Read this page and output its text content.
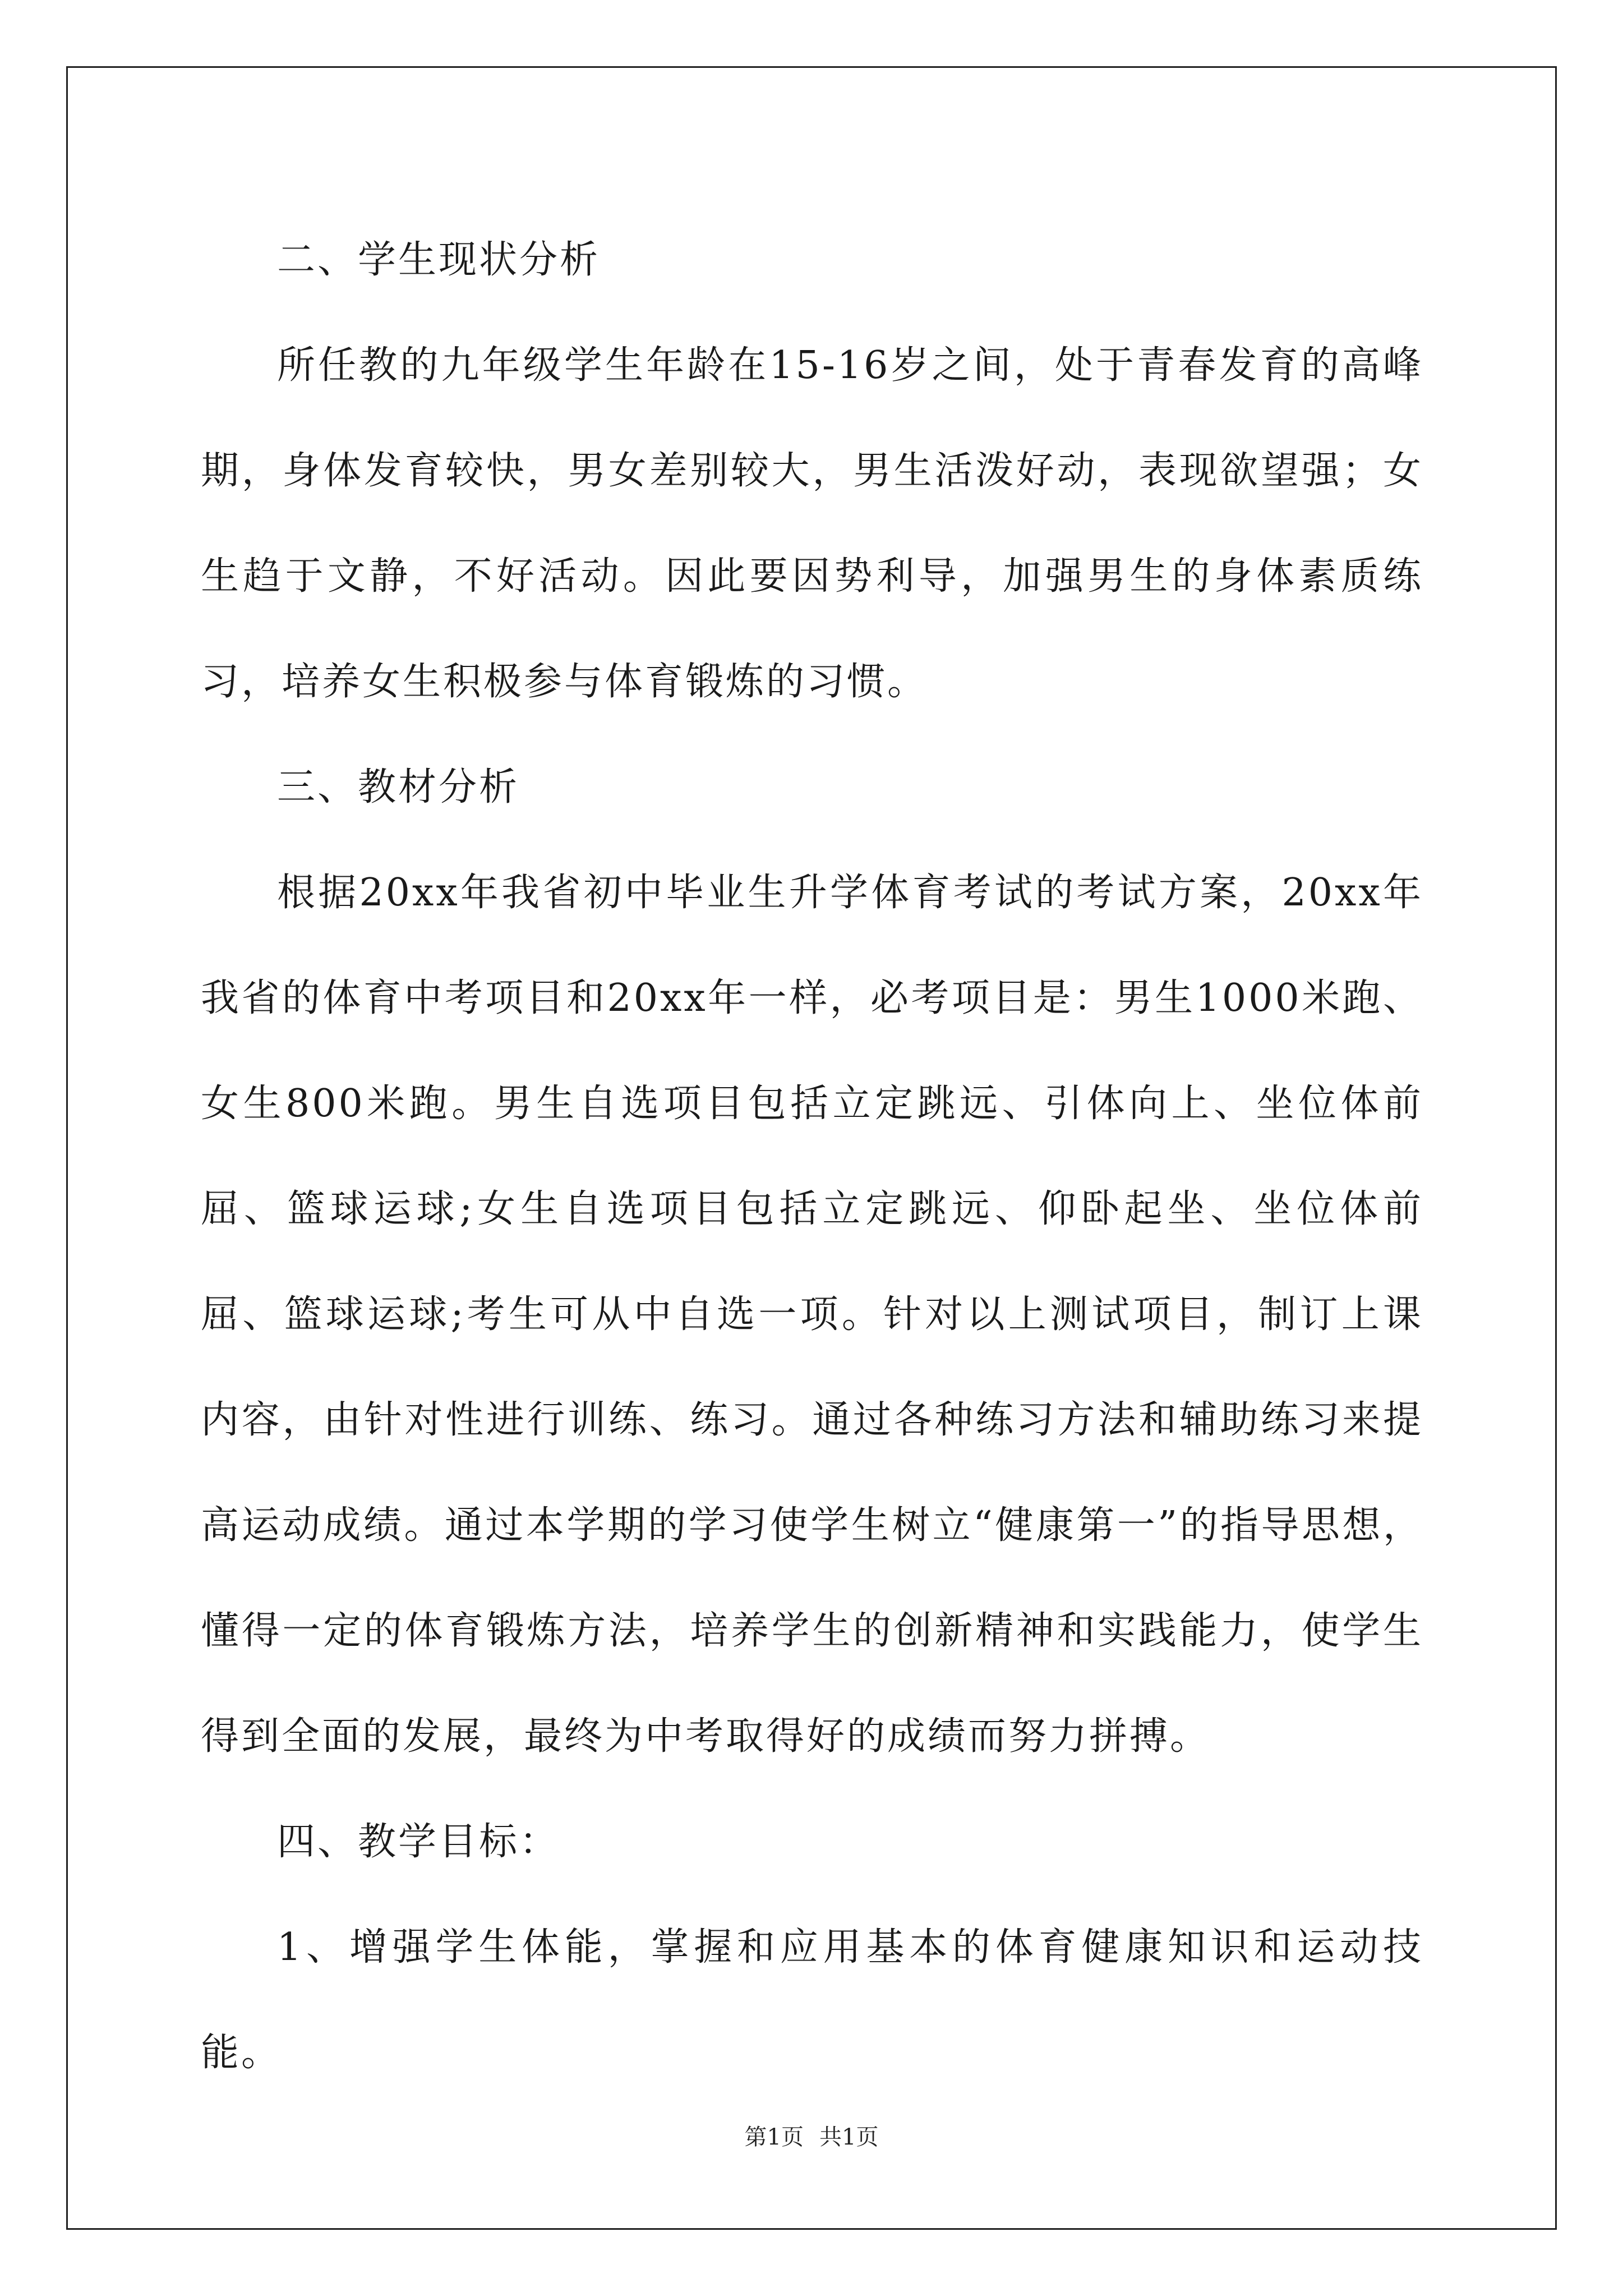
二、学生现状分析

所任教的九年级学生年龄在15-16岁之间，处于青春发育的高峰期，身体发育较快，男女差别较大，男生活泼好动，表现欲望强；女生趋于文静，不好活动。因此要因势利导，加强男生的身体素质练习，培养女生积极参与体育锻炼的习惯。

三、教材分析

根据20xx年我省初中毕业生升学体育考试的考试方案，20xx年我省的体育中考项目和20xx年一样，必考项目是：男生1000米跑、女生800米跑。男生自选项目包括立定跳远、引体向上、坐位体前屈、篮球运球;女生自选项目包括立定跳远、仰卧起坐、坐位体前屈、篮球运球;考生可从中自选一项。针对以上测试项目，制订上课内容，由针对性进行训练、练习。通过各种练习方法和辅助练习来提高运动成绩。通过本学期的学习使学生树立“健康第一”的指导思想，懂得一定的体育锻炼方法，培养学生的创新精神和实践能力，使学生得到全面的发展，最终为中考取得好的成绩而努力拼搏。

四、教学目标：

1、增强学生体能，掌握和应用基本的体育健康知识和运动技能。

第1页 共1页
